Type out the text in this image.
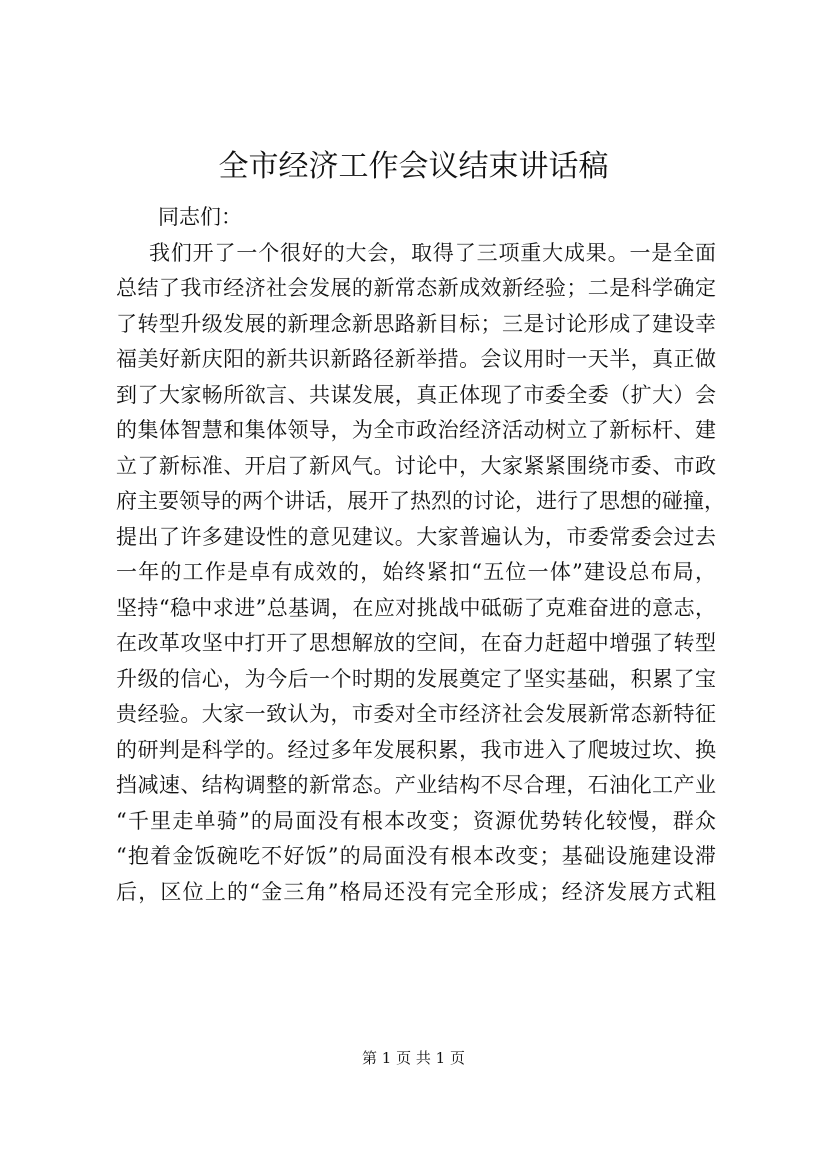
全市经济工作会议结束讲话稿
同志们：
我们开了一个很好的大会，取得了三项重大成果。一是全面
总结了我市经济社会发展的新常态新成效新经验；二是科学确定
了转型升级发展的新理念新思路新目标；三是讨论形成了建设幸
福美好新庆阳的新共识新路径新举措。会议用时一天半，真正做
到了大家畅所欲言、共谋发展，真正体现了市委全委（扩大）会
的集体智慧和集体领导，为全市政治经济活动树立了新标杆、建
立了新标准、开启了新风气。讨论中，大家紧紧围绕市委、市政
府主要领导的两个讲话，展开了热烈的讨论，进行了思想的碰撞，
提出了许多建设性的意见建议。大家普遍认为，市委常委会过去
一年的工作是卓有成效的，始终紧扣“五位一体”建设总布局，
坚持“稳中求进”总基调，在应对挑战中砥砺了克难奋进的意志，
在改革攻坚中打开了思想解放的空间，在奋力赶超中增强了转型
升级的信心，为今后一个时期的发展奠定了坚实基础，积累了宝
贵经验。大家一致认为，市委对全市经济社会发展新常态新特征
的研判是科学的。经过多年发展积累，我市进入了爬坡过坎、换
挡减速、结构调整的新常态。产业结构不尽合理，石油化工产业
“千里走单骑”的局面没有根本改变；资源优势转化较慢，群众
“抱着金饭碗吃不好饭”的局面没有根本改变；基础设施建设滞
后，区位上的“金三角”格局还没有完全形成；经济发展方式粗
第 1 页 共 1 页
